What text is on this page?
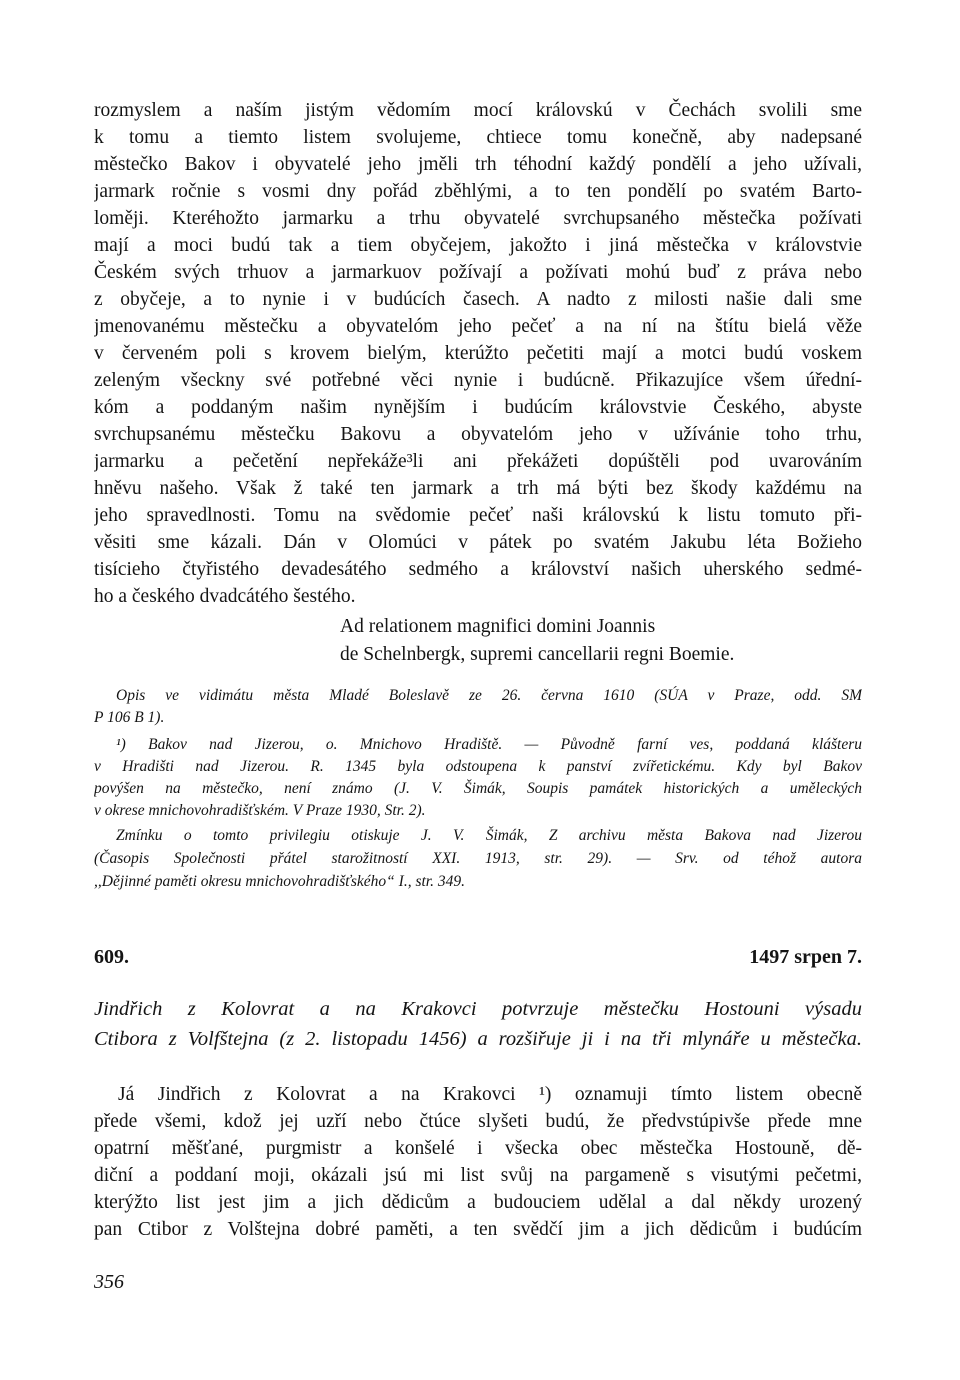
rozmyslem a naším jistým vědomím mocí královskú v Čechách svolili sme
k tomu a tiemto listem svolujeme, chtiece tomu konečně, aby nadepsané
městečko Bakov i obyvatelé jeho jměli trh téhodní každý pondělí a jeho užívali,
jarmark ročnie s vosmi dny pořád zběhlými, a to ten pondělí po svatém Barto-
loměji. Kteréhožto jarmarku a trhu obyvatelé svrchupsaného městečka požívati
mají a moci budú tak a tiem obyčejem, jakožto i jiná městečka v královstvie
Českém svých trhuov a jarmarkuov požívají a požívati mohú buď z práva nebo
z obyčeje, a to nynie i v budúcích časech. A nadto z milosti našie dali sme
jmenovanému městečku a obyvatelóm jeho pečeť a na ní na štítu bielá věže
v červeném poli s krovem bielým, kterúžto pečetiti mají a motci budú voskem
zeleným všeckny své potřebné věci nynie i budúcně. Přikazujíce všem úřední-
kóm a poddaným našim nynějším i budúcím královstvie Českého, abyste
svrchupsanému městečku Bakovu a obyvatelóm jeho v užívánie toho trhu,
jarmarku a pečetění nepřekáže³li ani překážeti dopúštěli pod uvarováním
hněvu našeho. Však ž také ten jarmark a trh má býti bez škody každému na
jeho spravedlnosti. Tomu na svědomie pečeť naši královskú k listu tomuto při-
věsiti sme kázali. Dán v Olomúci v pátek po svatém Jakubu léta Božieho
tisícieho čtyřistého devadesátého sedmého a království našich uherského sedmé-
ho a českého dvadcátého šestého.
Ad relationem magnifici domini Joannis
de Schelnbergk, supremi cancellarii regni Boemie.
Opis ve vidimátu města Mladé Boleslavě ze 26. června 1610 (SÚA v Praze, odd. SM
P 106 B 1).
¹) Bakov nad Jizerou, o. Mnichovo Hradiště. — Původně farní ves, poddaná klášteru
v Hradišti nad Jizerou. R. 1345 byla odstoupena k panství zvířetickému. Kdy byl Bakov
povýšen na městečko, není známo (J. V. Šimák, Soupis památek historických a uměleckých
v okrese mnichovohradišťském. V Praze 1930, Str. 2).
Zmínku o tomto privilegiu otiskuje J. V. Šimák, Z archivu města Bakova nad Jizerou
(Časopis Společnosti přátel starožitností XXI. 1913, str. 29). — Srv. od téhož autora
,,Dějinné paměti okresu mnichovohradišťského“ I., str. 349.
609.	1497 srpen 7.
Jindřich z Kolovrat a na Krakovci potvrzuje městečku Hostouni výsadu
Ctibora z Volfštejna (z 2. listopadu 1456) a rozšiřuje ji i na tři mlynáře u městečka.
Já Jindřich z Kolovrat a na Krakovci ¹) oznamuji tímto listem obecně
přede všemi, kdož jej uzří nebo čtúce slyšeti budú, že předvstúpivše přede mne
opatrní měšťané, purgmistr a konšelé i všecka obec městečka Hostouně, dě-
diční a poddaní moji, okázali jsú mi list svůj na pargameně s visutými pečetmi,
kterýžto list jest jim a jich dědicům a budouciem udělal a dal někdy urozený
pan Ctibor z Volštejna dobré paměti, a ten svědčí jim a jich dědicům i budúcím
356
